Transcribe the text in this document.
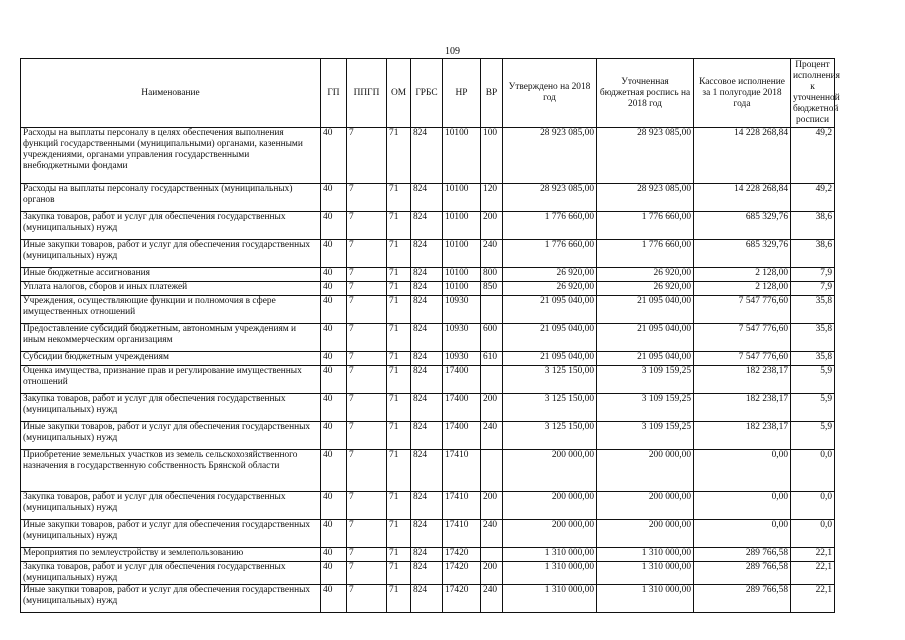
109
Наименование	ГП	ППГП	ОМ	ГРБС	НР	ВР	Утверждено на 2018 год	Уточненная бюджетная роспись на 2018 год	Кассовое исполнение за 1 полугодие 2018 года	Процент исполнения к уточненной бюджетной росписи
Расходы на выплаты персоналу в целях обеспечения выполнения функций государственными (муниципальными) органами, казенными учреждениями, органами управления государственными внебюджетными фондами	40	7	71	824	10100	100	28 923 085,00	28 923 085,00	14 228 268,84	49,2
Расходы на выплаты персоналу государственных (муниципальных) органов	40	7	71	824	10100	120	28 923 085,00	28 923 085,00	14 228 268,84	49,2
Закупка товаров, работ и услуг для обеспечения государственных (муниципальных) нужд	40	7	71	824	10100	200	1 776 660,00	1 776 660,00	685 329,76	38,6
Иные закупки товаров, работ и услуг для обеспечения государственных (муниципальных) нужд	40	7	71	824	10100	240	1 776 660,00	1 776 660,00	685 329,76	38,6
Иные бюджетные ассигнования	40	7	71	824	10100	800	26 920,00	26 920,00	2 128,00	7,9
Уплата налогов, сборов и иных платежей	40	7	71	824	10100	850	26 920,00	26 920,00	2 128,00	7,9
Учреждения, осуществляющие функции и полномочия в сфере имущественных отношений	40	7	71	824	10930		21 095 040,00	21 095 040,00	7 547 776,60	35,8
Предоставление субсидий бюджетным, автономным учреждениям и иным некоммерческим организациям	40	7	71	824	10930	600	21 095 040,00	21 095 040,00	7 547 776,60	35,8
Субсидии бюджетным учреждениям	40	7	71	824	10930	610	21 095 040,00	21 095 040,00	7 547 776,60	35,8
Оценка имущества, признание прав и регулирование имущественных отношений	40	7	71	824	17400		3 125 150,00	3 109 159,25	182 238,17	5,9
Закупка товаров, работ и услуг для обеспечения государственных (муниципальных) нужд	40	7	71	824	17400	200	3 125 150,00	3 109 159,25	182 238,17	5,9
Иные закупки товаров, работ и услуг для обеспечения государственных (муниципальных) нужд	40	7	71	824	17400	240	3 125 150,00	3 109 159,25	182 238,17	5,9
Приобретение земельных участков из земель сельскохозяйственного назначения в государственную собственность Брянской области	40	7	71	824	17410		200 000,00	200 000,00	0,00	0,0
Закупка товаров, работ и услуг для обеспечения государственных (муниципальных) нужд	40	7	71	824	17410	200	200 000,00	200 000,00	0,00	0,0
Иные закупки товаров, работ и услуг для обеспечения государственных (муниципальных) нужд	40	7	71	824	17410	240	200 000,00	200 000,00	0,00	0,0
Мероприятия по землеустройству и землепользованию	40	7	71	824	17420		1 310 000,00	1 310 000,00	289 766,58	22,1
Закупка товаров, работ и услуг для обеспечения государственных (муниципальных) нужд	40	7	71	824	17420	200	1 310 000,00	1 310 000,00	289 766,58	22,1
Иные закупки товаров, работ и услуг для обеспечения государственных (муниципальных) нужд	40	7	71	824	17420	240	1 310 000,00	1 310 000,00	289 766,58	22,1
